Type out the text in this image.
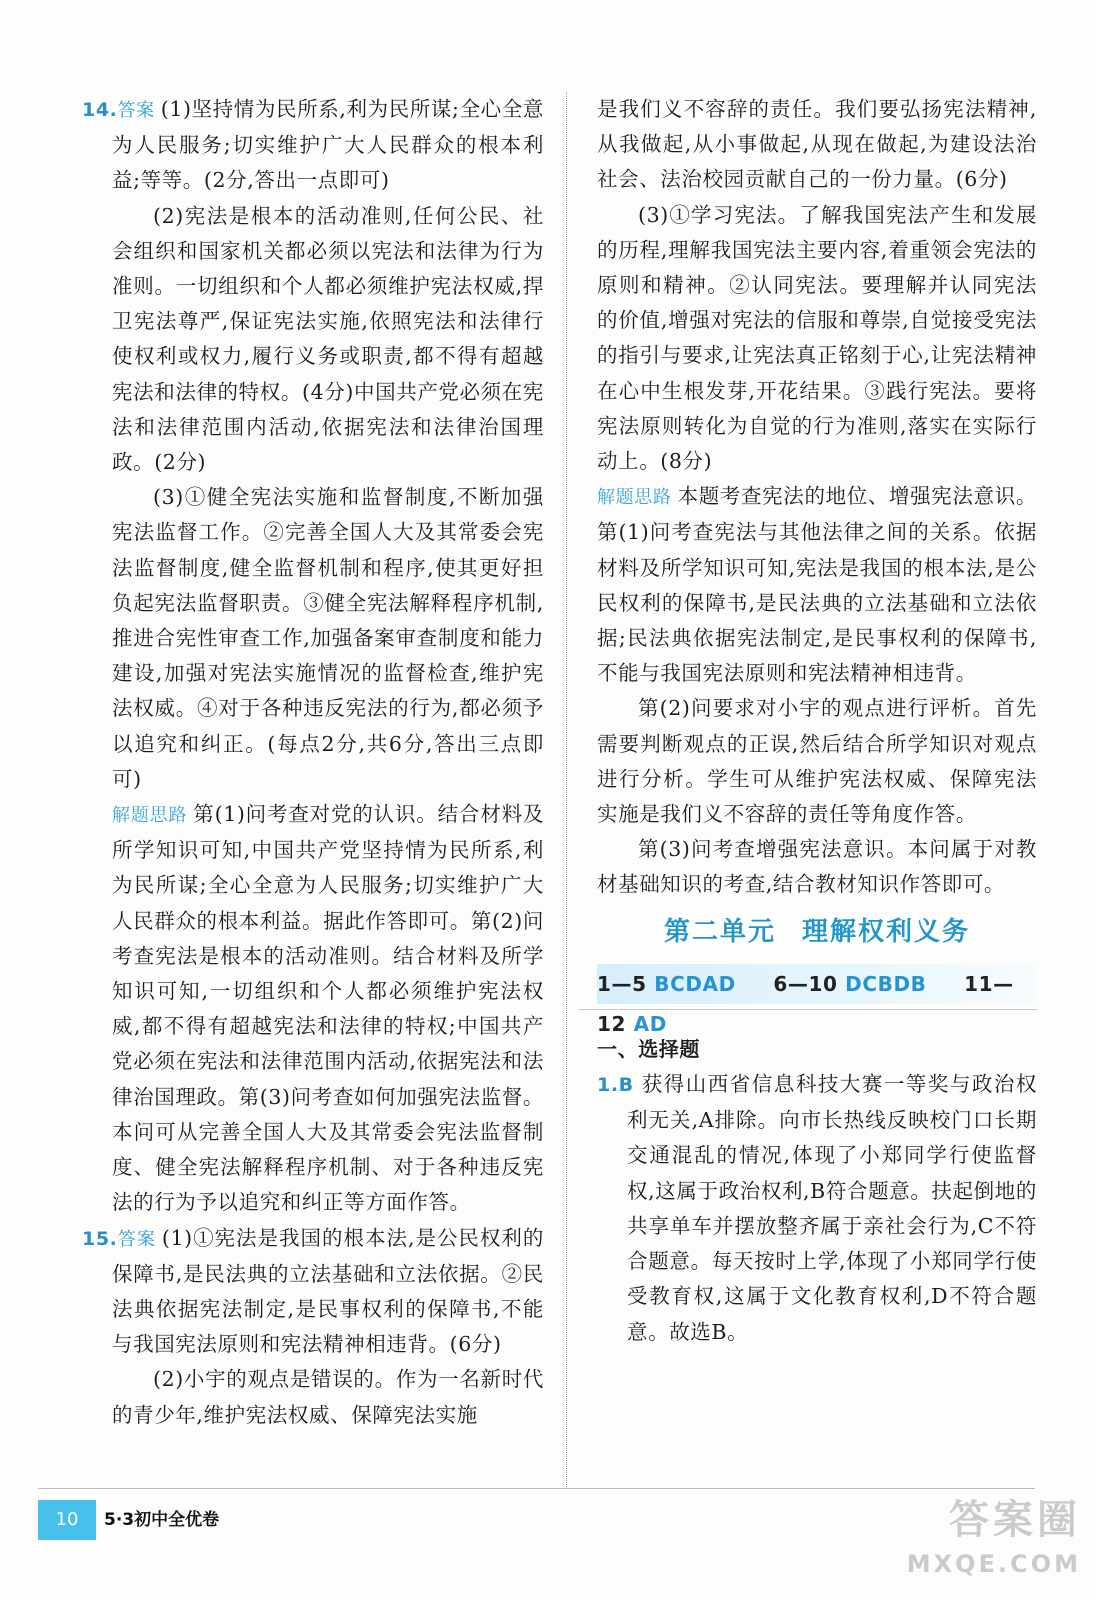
14.答案 (1)坚持情为民所系,利为民所谋;全心全意为人民服务;切实维护广大人民群众的根本利益;等等。(2分,答出一点即可)

(2)宪法是根本的活动准则,任何公民、社会组织和国家机关都必须以宪法和法律为行为准则。一切组织和个人都必须维护宪法权威,捍卫宪法尊严,保证宪法实施,依照宪法和法律行使权利或权力,履行义务或职责,都不得有超越宪法和法律的特权。(4分)中国共产党必须在宪法和法律范围内活动,依据宪法和法律治国理政。(2分)

(3)①健全宪法实施和监督制度,不断加强宪法监督工作。②完善全国人大及其常委会宪法监督制度,健全监督机制和程序,使其更好担负起宪法监督职责。③健全宪法解释程序机制,推进合宪性审查工作,加强备案审查制度和能力建设,加强对宪法实施情况的监督检查,维护宪法权威。④对于各种违反宪法的行为,都必须予以追究和纠正。(每点2分,共6分,答出三点即可)

解题思路 第(1)问考查对党的认识。结合材料及所学知识可知,中国共产党坚持情为民所系,利为民所谋;全心全意为人民服务;切实维护广大人民群众的根本利益。据此作答即可。第(2)问考查宪法是根本的活动准则。结合材料及所学知识可知,一切组织和个人都必须维护宪法权威,都不得有超越宪法和法律的特权;中国共产党必须在宪法和法律范围内活动,依据宪法和法律治国理政。第(3)问考查如何加强宪法监督。本问可从完善全国人大及其常委会宪法监督制度、健全宪法解释程序机制、对于各种违反宪法的行为予以追究和纠正等方面作答。

15.答案 (1)①宪法是我国的根本法,是公民权利的保障书,是民法典的立法基础和立法依据。②民法典依据宪法制定,是民事权利的保障书,不能与我国宪法原则和宪法精神相违背。(6分)

(2)小宇的观点是错误的。作为一名新时代的青少年,维护宪法权威、保障宪法实施

是我们义不容辞的责任。我们要弘扬宪法精神,从我做起,从小事做起,从现在做起,为建设法治社会、法治校园贡献自己的一份力量。(6分)

(3)①学习宪法。了解我国宪法产生和发展的历程,理解我国宪法主要内容,着重领会宪法的原则和精神。②认同宪法。要理解并认同宪法的价值,增强对宪法的信服和尊崇,自觉接受宪法的指引与要求,让宪法真正铭刻于心,让宪法精神在心中生根发芽,开花结果。③践行宪法。要将宪法原则转化为自觉的行为准则,落实在实际行动上。(8分)

解题思路 本题考查宪法的地位、增强宪法意识。第(1)问考查宪法与其他法律之间的关系。依据材料及所学知识可知,宪法是我国的根本法,是公民权利的保障书,是民法典的立法基础和立法依据;民法典依据宪法制定,是民事权利的保障书,不能与我国宪法原则和宪法精神相违背。

第(2)问要求对小宇的观点进行评析。首先需要判断观点的正误,然后结合所学知识对观点进行分析。学生可从维护宪法权威、保障宪法实施是我们义不容辞的责任等角度作答。

第(3)问考查增强宪法意识。本问属于对教材基础知识的考查,结合教材知识作答即可。

第二单元 理解权利义务
1—5 BCDAD 6—10 DCBDB 11—12 AD

一、选择题

1.B 获得山西省信息科技大赛一等奖与政治权利无关,A排除。向市长热线反映校门口长期交通混乱的情况,体现了小郑同学行使监督权,这属于政治权利,B符合题意。扶起倒地的共享单车并摆放整齐属于亲社会行为,C不符合题意。每天按时上学,体现了小郑同学行使受教育权,这属于文化教育权利,D不符合题意。故选B。

10	5·3初中全优卷	答案圈
MXQE.COM
